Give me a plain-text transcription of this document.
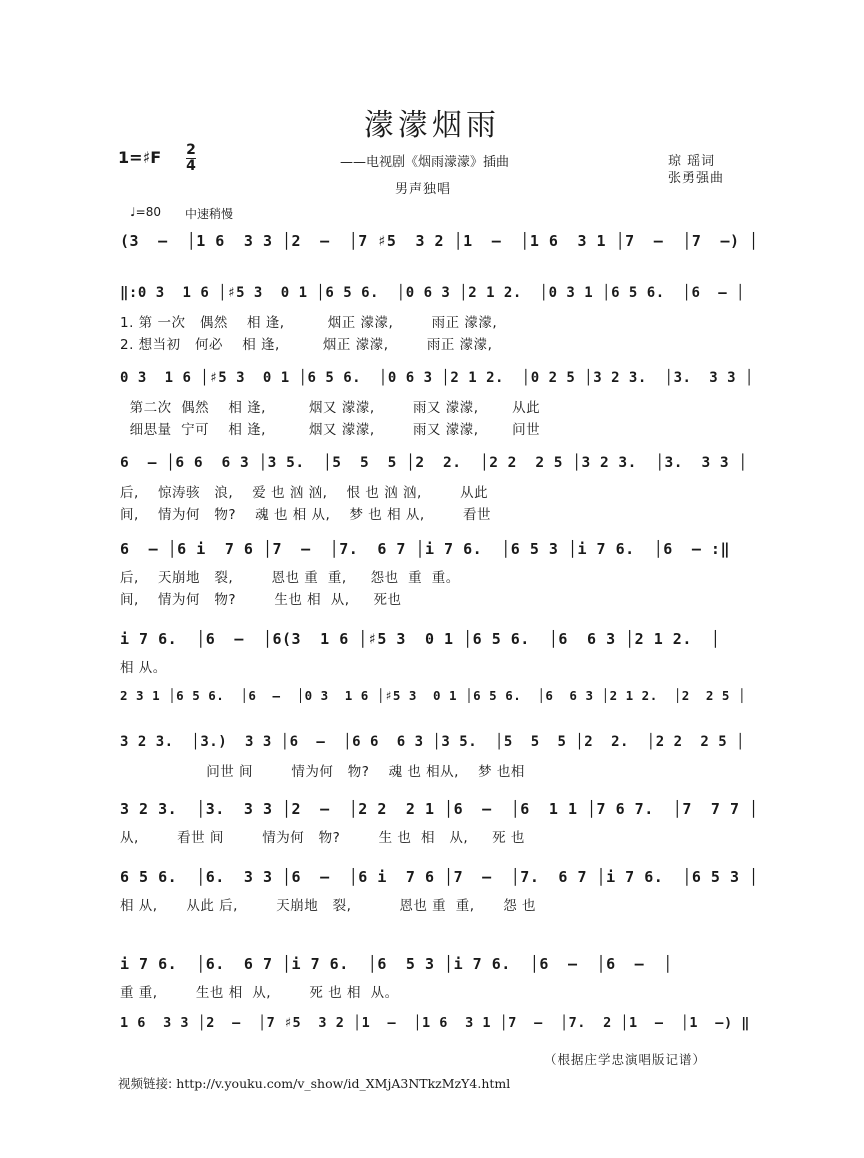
濛濛烟雨
1=♯F 2
4	——电视剧《烟雨濛濛》插曲	琼 瑶词
张勇强曲
男声独唱
♩=80 中速稍慢
(3  –  │1 6  3 3 │2  –  │7 ♯5  3 2 │1  –  │1 6  3 1 │7  –  │7  –) │
‖:0 3  1 6 │♯5 3  0 1 │6 5 6.  │0 6 3 │2 1 2.  │0 3 1 │6 5 6.  │6  – │
1. 第 一次   偶然    相 逢,         烟正 濛濛,        雨正 濛濛,
2. 想当初   何必    相 逢,         烟正 濛濛,        雨正 濛濛,
0 3  1 6 │♯5 3  0 1 │6 5 6.  │0 6 3 │2 1 2.  │0 2 5 │3 2 3.  │3.  3 3 │
第二次  偶然    相 逢,         烟又 濛濛,        雨又 濛濛,       从此
细思量  宁可    相 逢,         烟又 濛濛,        雨又 濛濛,       问世
6  – │6 6  6 3 │3 5.  │5  5  5 │2  2.  │2 2  2 5 │3 2 3.  │3.  3 3 │
后,    惊涛骇   浪,    爱 也 汹 汹,    恨 也 汹 汹,        从此
间,    情为何   物?    魂 也 相 从,    梦 也 相 从,        看世
6  – │6 i  7 6 │7  –  │7.  6 7 │i 7 6.  │6 5 3 │i 7 6.  │6  – :‖
后,    天崩地   裂,        恩也 重  重,     怨也  重  重。
间,    情为何   物?        生也 相  从,     死也
i 7 6.  │6  –  │6(3  1 6 │♯5 3  0 1 │6 5 6.  │6  6 3 │2 1 2.  │
相 从。
2 3 1 │6 5 6.  │6  –  │0 3  1 6 │♯5 3  0 1 │6 5 6.  │6  6 3 │2 1 2.  │2  2 5 │
3 2 3.  │3.)  3 3 │6  –  │6 6  6 3 │3 5.  │5  5  5 │2  2.  │2 2  2 5 │
问世 间        情为何   物?    魂 也 相从,    梦 也相
3 2 3.  │3.  3 3 │2  –  │2 2  2 1 │6  –  │6  1 1 │7 6 7.  │7  7 7 │
从,        看世 间        情为何   物?        生 也  相   从,     死 也
6 5 6.  │6.  3 3 │6  –  │6 i  7 6 │7  –  │7.  6 7 │i 7 6.  │6 5 3 │
相 从,      从此 后,        天崩地   裂,          恩也 重  重,      怨 也
i 7 6.  │6.  6 7 │i 7 6.  │6  5 3 │i 7 6.  │6  –  │6  –  │
重 重,        生也 相  从,        死 也 相  从。
1 6  3 3 │2  –  │7 ♯5  3 2 │1  –  │1 6  3 1 │7  –  │7.  2 │1  –  │1  –) ‖
（根据庄学忠演唱版记谱）
视频链接: http://v.youku.com/v_show/id_XMjA3NTkzMzY4.html
